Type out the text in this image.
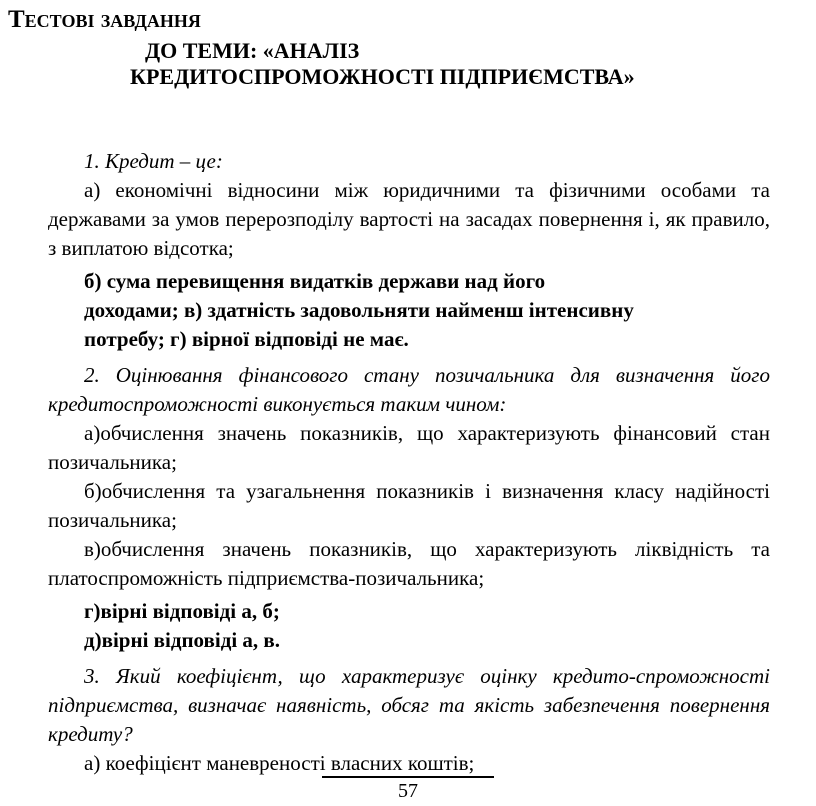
Тестові завдання
ДО ТЕМИ: «АНАЛІЗ
КРЕДИТОСПРОМОЖНОСТІ ПІДПРИЄМСТВА»

1. Кредит – це:

а) економічні відносини між юридичними та фізичними особами та державами за умов перерозподілу вартості на засадах повернення і, як правило, з виплатою відсотка;

б) сума перевищення видатків держави над його

доходами; в) здатність задовольняти найменш інтенсивну

потребу; г) вірної відповіді не має.

2. Оцінювання фінансового стану позичальника для визначення його кредитоспроможності виконується таким чином:

а)обчислення значень показників, що характеризують фінансовий стан позичальника;

б)обчислення та узагальнення показників і визначення класу надійності позичальника;

в)обчислення значень показників, що характеризують ліквідність та платоспроможність підприємства-позичальника;

г)вірні відповіді а, б;

д)вірні відповіді а, в.

3. Який коефіцієнт, що характеризує оцінку кредито-спроможності підприємства, визначає наявність, обсяг та якість забезпечення повернення кредиту?

а) коефіцієнт маневреності власних коштів;

57
